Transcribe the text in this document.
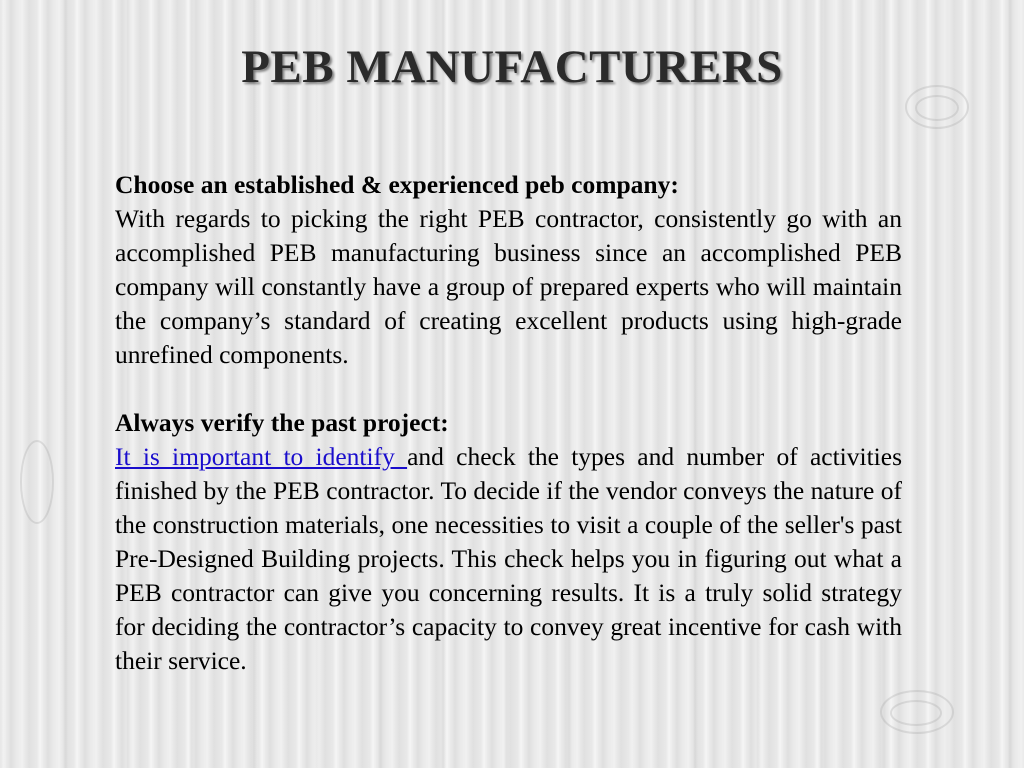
PEB MANUFACTURERS
Choose an established & experienced peb company:

With regards to picking the right PEB contractor, consistently go with an accomplished PEB manufacturing business since an accomplished PEB company will constantly have a group of prepared experts who will maintain the company’s standard of creating excellent products using high-grade unrefined components.

Always verify the past project:

It is important to identify and check the types and number of activities finished by the PEB contractor. To decide if the vendor conveys the nature of the construction materials, one necessities to visit a couple of the seller's past Pre-Designed Building projects. This check helps you in figuring out what a PEB contractor can give you concerning results. It is a truly solid strategy for deciding the contractor’s capacity to convey great incentive for cash with their service.
